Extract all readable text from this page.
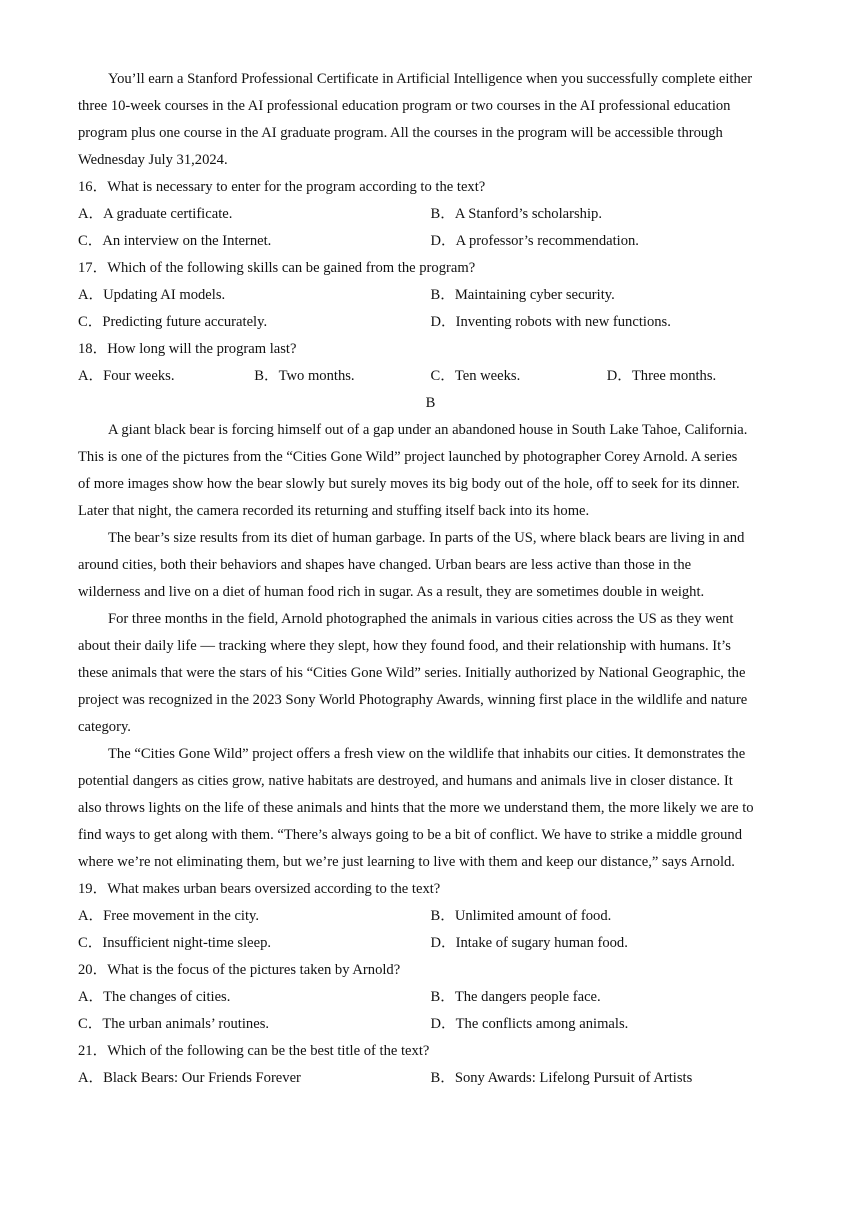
You’ll earn a Stanford Professional Certificate in Artificial Intelligence when you successfully complete either
three 10-week courses in the AI professional education program or two courses in the AI professional education
program plus one course in the AI graduate program. All the courses in the program will be accessible through
Wednesday July 31,2024.
16．What is necessary to enter for the program according to the text?
A．A graduate certificate.	B．A Stanford’s scholarship.
C．An interview on the Internet.	D．A professor’s recommendation.
17．Which of the following skills can be gained from the program?
A．Updating AI models.	B．Maintaining cyber security.
C．Predicting future accurately.	D．Inventing robots with new functions.
18．How long will the program last?
A．Four weeks.	B．Two months.	C．Ten weeks.	D．Three months.
B
A giant black bear is forcing himself out of a gap under an abandoned house in South Lake Tahoe, California.
This is one of the pictures from the “Cities Gone Wild” project launched by photographer Corey Arnold. A series
of more images show how the bear slowly but surely moves its big body out of the hole, off to seek for its dinner.
Later that night, the camera recorded its returning and stuffing itself back into its home.
The bear’s size results from its diet of human garbage. In parts of the US, where black bears are living in and
around cities, both their behaviors and shapes have changed. Urban bears are less active than those in the
wilderness and live on a diet of human food rich in sugar. As a result, they are sometimes double in weight.
For three months in the field, Arnold photographed the animals in various cities across the US as they went
about their daily life — tracking where they slept, how they found food, and their relationship with humans. It’s
these animals that were the stars of his “Cities Gone Wild” series. Initially authorized by National Geographic, the
project was recognized in the 2023 Sony World Photography Awards, winning first place in the wildlife and nature
category.
The “Cities Gone Wild” project offers a fresh view on the wildlife that inhabits our cities. It demonstrates the
potential dangers as cities grow, native habitats are destroyed, and humans and animals live in closer distance. It
also throws lights on the life of these animals and hints that the more we understand them, the more likely we are to
find ways to get along with them. “There’s always going to be a bit of conflict. We have to strike a middle ground
where we’re not eliminating them, but we’re just learning to live with them and keep our distance,” says Arnold.
19．What makes urban bears oversized according to the text?
A．Free movement in the city.	B．Unlimited amount of food.
C．Insufficient night-time sleep.	D．Intake of sugary human food.
20．What is the focus of the pictures taken by Arnold?
A．The changes of cities.	B．The dangers people face.
C．The urban animals’ routines.	D．The conflicts among animals.
21．Which of the following can be the best title of the text?
A．Black Bears: Our Friends Forever	B．Sony Awards: Lifelong Pursuit of Artists
